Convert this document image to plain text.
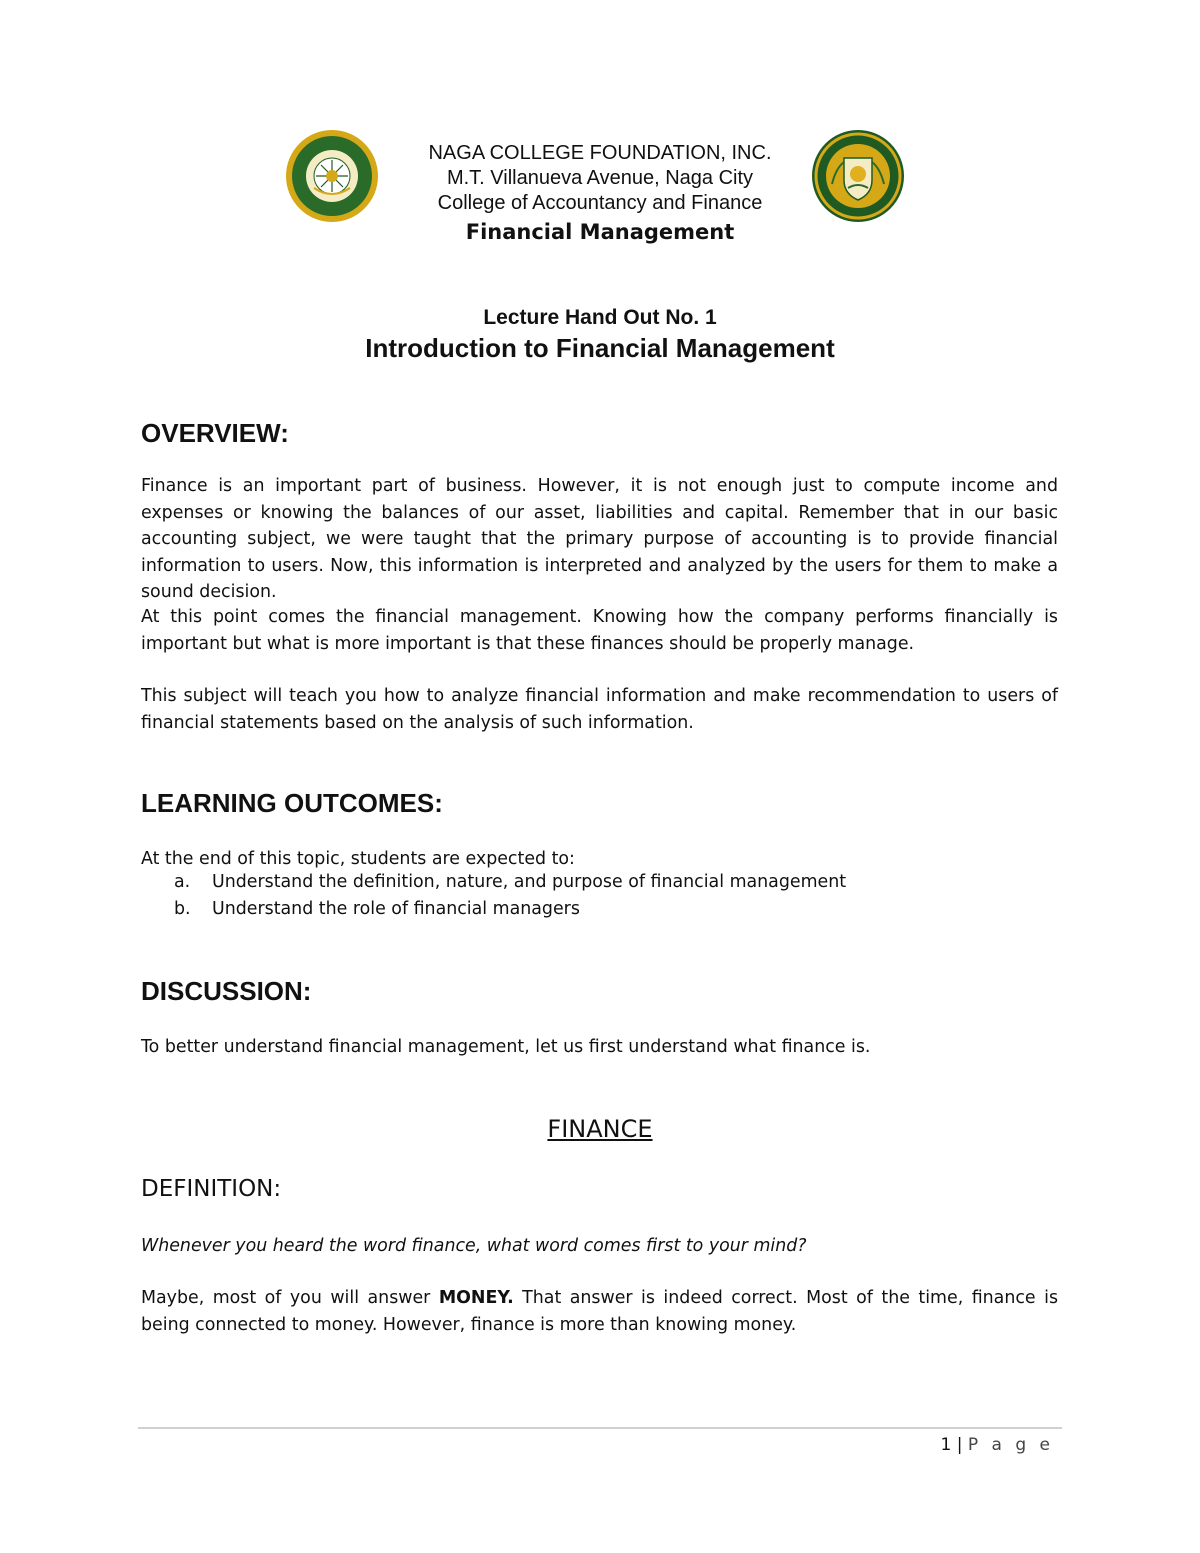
NAGA COLLEGE FOUNDATION, INC.
M.T. Villanueva Avenue, Naga City
College of Accountancy and Finance
Financial Management
Lecture Hand Out No. 1
Introduction to Financial Management
OVERVIEW:

Finance is an important part of business. However, it is not enough just to compute income and expenses or knowing the balances of our asset, liabilities and capital. Remember that in our basic accounting subject, we were taught that the primary purpose of accounting is to provide financial information to users. Now, this information is interpreted and analyzed by the users for them to make a sound decision.

At this point comes the financial management. Knowing how the company performs financially is important but what is more important is that these finances should be properly manage.

This subject will teach you how to analyze financial information and make recommendation to users of financial statements based on the analysis of such information.

LEARNING OUTCOMES:

At the end of this topic, students are expected to:

a. Understand the definition, nature, and purpose of financial management
b. Understand the role of financial managers
DISCUSSION:

To better understand financial management, let us first understand what finance is.

FINANCE
DEFINITION:

Whenever you heard the word finance, what word comes first to your mind?

Maybe, most of you will answer MONEY. That answer is indeed correct. Most of the time, finance is being connected to money. However, finance is more than knowing money.

1 | P a g e
